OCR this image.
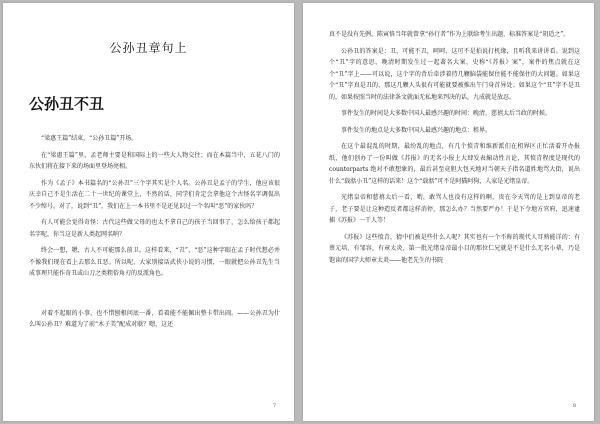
公孙丑章句上
公孙丑不丑

“梁惠王篇”结束，“公孙丑篇”开场。

在“梁惠王篇”里，孟老师主要是和国际上的一些大人物交往；而在本篇当中，五花八门的东伙们将在接下来的场面里登场亮相。

作为《孟子》本书篇名的“公孙丑”三个字其实是个人名。公孙丑是孟子的学生，他应该很庆幸自己不是生活在二十一世纪的课堂上，不然的话，同学们肯定会拿他这个古怪名字调侃出不少绰号。对了，说到“丑”，我们在上一本书里不是还见识过一个名叫“恶”的家伙吗？

有人可能会觉得奇怪：古代这些做父母的也太不拿自己的孩子当回事了，怎么给孩子都起名字呢，你当这是新人类起网名呐？

终会一想，嗯，古人不可能那么前卫。这样看来，“丑”、“恶”这种字眼在孟子时代想必并不像我们现在看上去那么丑恶。所以呢，大家别接话武侠小说的习惯，一眼就把公孙丑先生当成事理只能作奇丑或山刀之类粗俗角刃的反派角色。

对着不起眼的小事，也不惜刨根问底一番，看着能不能佩出整卡带出闹。——公孙丑为什么叫公孙丑？难道为了前“木子美”配成对联？嗯，这还

7

真不是没有先例，陈寅恪当年就曾拿“孙行者”作为上联给考生出题，标准答案是“胡适之”。

公孙丑的答案是：丑，可能不丑，呵呵，这可不是拍说打机缘，且听我来讲讲看。说到这个“丑”字的意思，晚清时期发生过一起著名大案，史称“《苏报》案”，案件的焦点就在这个“丑”字上——可以说，这个字的背后牵涉着持几颗脑袋能保住能不能保住的大问题。如果这个“丑”字真是丑的，那这几颗人头很有可能就要被推出午门身首异处；如果这个“丑”字不是丑的，如果按照当时的法律条文就面无私地来判决的话，九成就是放忍。

事件发生的时间是大多数中国人最感兴趣的时间：晚清，慈禧太后当政的时候。

事件发生的地点是大多数中国人最感兴趣的地点：租界。

在这个最混乱的时期，最纷乱的地点，有几个愤青和维新派们在租界区正忙活着开办报纸，他们创办了一份叫做《苏报》的无名小报上大肆发表煽动性言论，其愤青程度是现代的 counterparts 绝对不敢想象的，最后甚至竟胆大包天地对当朝天子指名道姓地骂大街，说出什么“载湉小丑”这样的话来！这个“载湉”可不是阿猫阿狗，人家是光绪皇帝。

光绪皇帝和慈禧太后一看，哟，敢骂人也没有这样的啊，贵在今天骂的是上到皇帝的老子，老子要是让这种造反者都这样消停，那怎么办？当然要严办！于是下令地方官府，迅速逮捕《苏报》一干人等！

《苏报》这些愤青，猜中们被是些什么人呢？其实也有一个不称的现代人耳熟能详的：有蔡元培、有邹容，有章太炎，第一批光绪皇帝最小目的那位仁兄就是不是什么无名小辈，乃是饱读的国学大师章太炎——他老先生的书院

8
